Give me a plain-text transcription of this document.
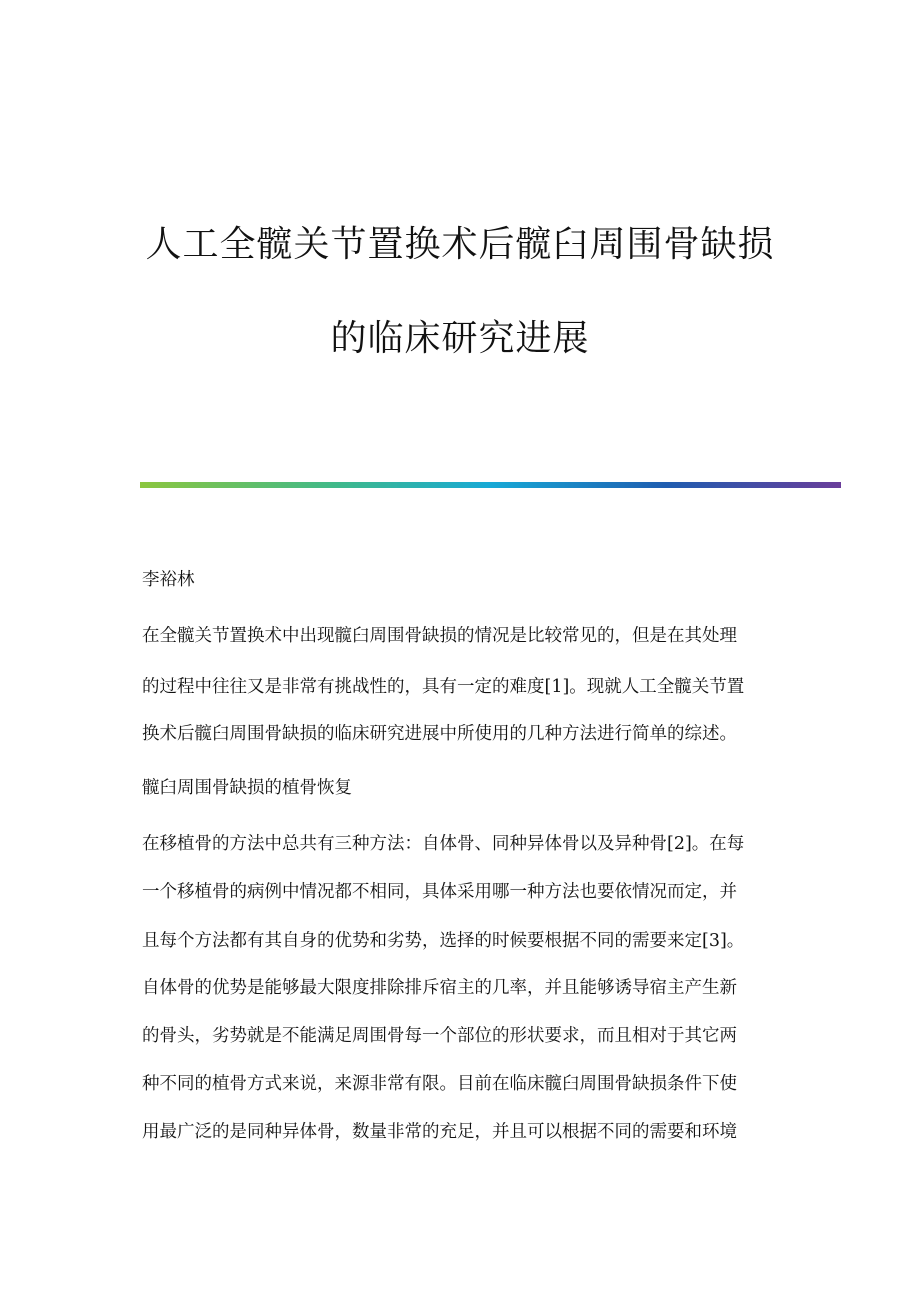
人工全髋关节置换术后髋臼周围骨缺损
的临床研究进展

李裕林

在全髋关节置换术中出现髋臼周围骨缺损的情况是比较常见的，但是在其处理

的过程中往往又是非常有挑战性的，具有一定的难度[1]。现就人工全髋关节置

换术后髋臼周围骨缺损的临床研究进展中所使用的几种方法进行简单的综述。

髋臼周围骨缺损的植骨恢复

在移植骨的方法中总共有三种方法：自体骨、同种异体骨以及异种骨[2]。在每

一个移植骨的病例中情况都不相同，具体采用哪一种方法也要依情况而定，并

且每个方法都有其自身的优势和劣势，选择的时候要根据不同的需要来定[3]。

自体骨的优势是能够最大限度排除排斥宿主的几率，并且能够诱导宿主产生新

的骨头，劣势就是不能满足周围骨每一个部位的形状要求，而且相对于其它两

种不同的植骨方式来说，来源非常有限。目前在临床髋臼周围骨缺损条件下使

用最广泛的是同种异体骨，数量非常的充足，并且可以根据不同的需要和环境
